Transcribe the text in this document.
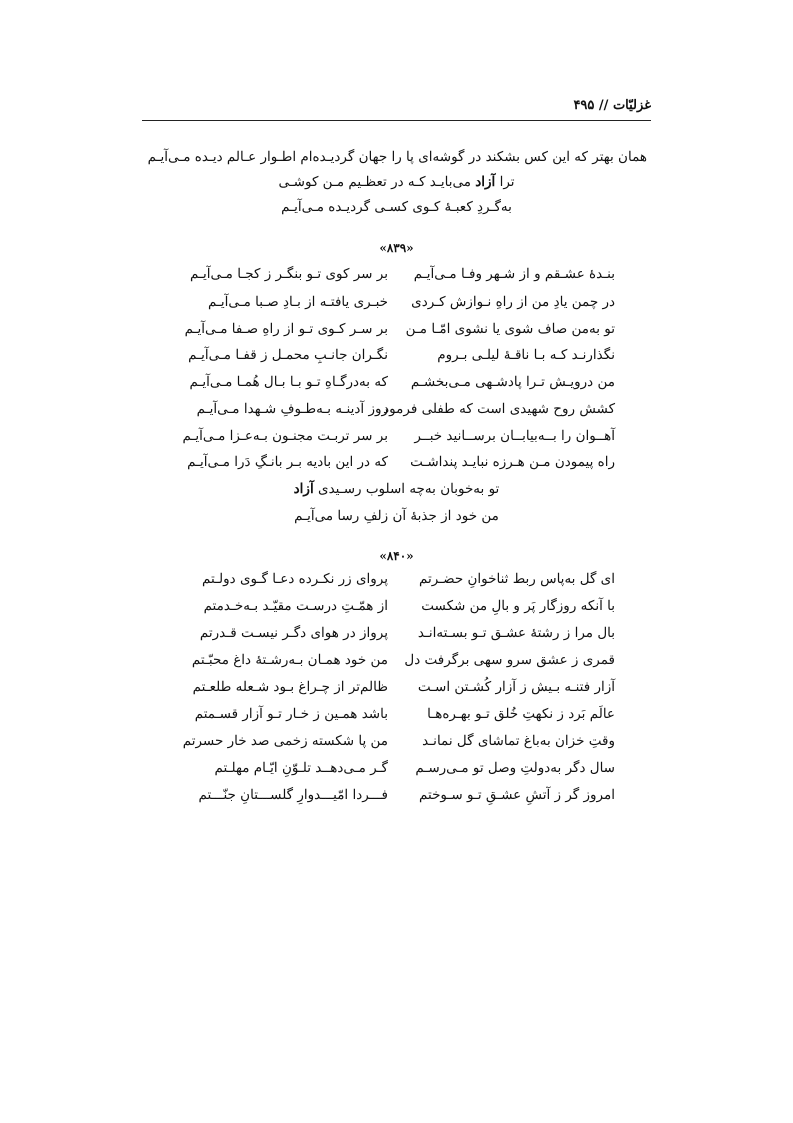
غزلیّات // ۴۹۵
همان بهتر که این کس بشکند در گوشه‌ای پا را جهان گردیـده‌ام اطـوار عـالم دیـده مـی‌آیـم
ترا آزاد می‌بایـد کـه در تعظـیم مـن کوشـی
به‌گـردِ کعبـهٔ کـوی کسـی گردیـده مـی‌آیـم
«۸۳۹»
بنـدهٔ عشـقم و از شـهر وفـا مـی‌آیـم
بر سر کوی تـو بنگـر ز کجـا مـی‌آیـم
در چمن یادِ من از راهِ نـوازش کـردی
خبـری یافتـه از بـادِ صـبا مـی‌آیـم
تو به‌من صاف شوی یا نشوی امّـا مـن
بر سـر کـوی تـو از راهِ صـفا مـی‌آیـم
نگذارنـد کـه بـا ناقـهٔ لیلـی بـروم
نگـران جانـبِ محمـل ز قفـا مـی‌آیـم
من درویـش تـرا پادشـهی مـی‌بخشـم
که به‌درگـاهِ تـو بـا بـال هُمـا مـی‌آیـم
کشش روح شهیدی است که طفلی فرمود
روز آدینـه بـه‌طـوفِ شـهدا مـی‌آیـم
آهــوان را بــه‌بیابــان برســانید خبــر
بر سر تربـت مجنـون بـه‌عـزا مـی‌آیـم
راه پیمودن مـن هـرزه نبایـد پنداشـت
که در این بادیه بـر بانـگِ دَرا مـی‌آیـم
تو به‌خوبان به‌چه اسلوب رسـیدی آزاد
من خود از جذبهٔ آن زلفِ رسا می‌آیـم
«۸۴۰»
ای گل به‌پاس ربط ثناخوانِ حضـرتم
پروای زر نکـرده دعـا گـوی دولـتم
با آنکه روزگار پَر و بالِ من شکست
از همّـتِ درسـت مقیّـد بـه‌خـدمتم
بال مرا ز رشتهٔ عشـق تـو بسـته‌انـد
پرواز در هوای دگـر نیسـت قـدرتم
قمری ز عشق سرو سهی برگرفت دل
من خود همـان بـه‌رشـتهٔ داغ محبّـتم
آزار فتنـه بـیش ز آزار کُشـتن اسـت
ظالم‌تر از چـراغ بـود شـعله طلعـتم
عالَم بَرد ز نکهتِ خُلق تـو بهـره‌هـا
باشد همـین ز خـار تـو آزار قسـمتم
وقتِ خزان به‌باغ تماشای گل نمانـد
من پا شکسته زخمی صد خار حسرتم
سال دگر به‌دولتِ وصل تو مـی‌رسـم
گـر مـی‌دهــد تلـوّنِ ایّـام مهلـتم
امروز گر ز آتشِ عشـقِ تـو سـوختم
فـــردا امّیـــدوارِ گلســـتانِ جنّـــتم
